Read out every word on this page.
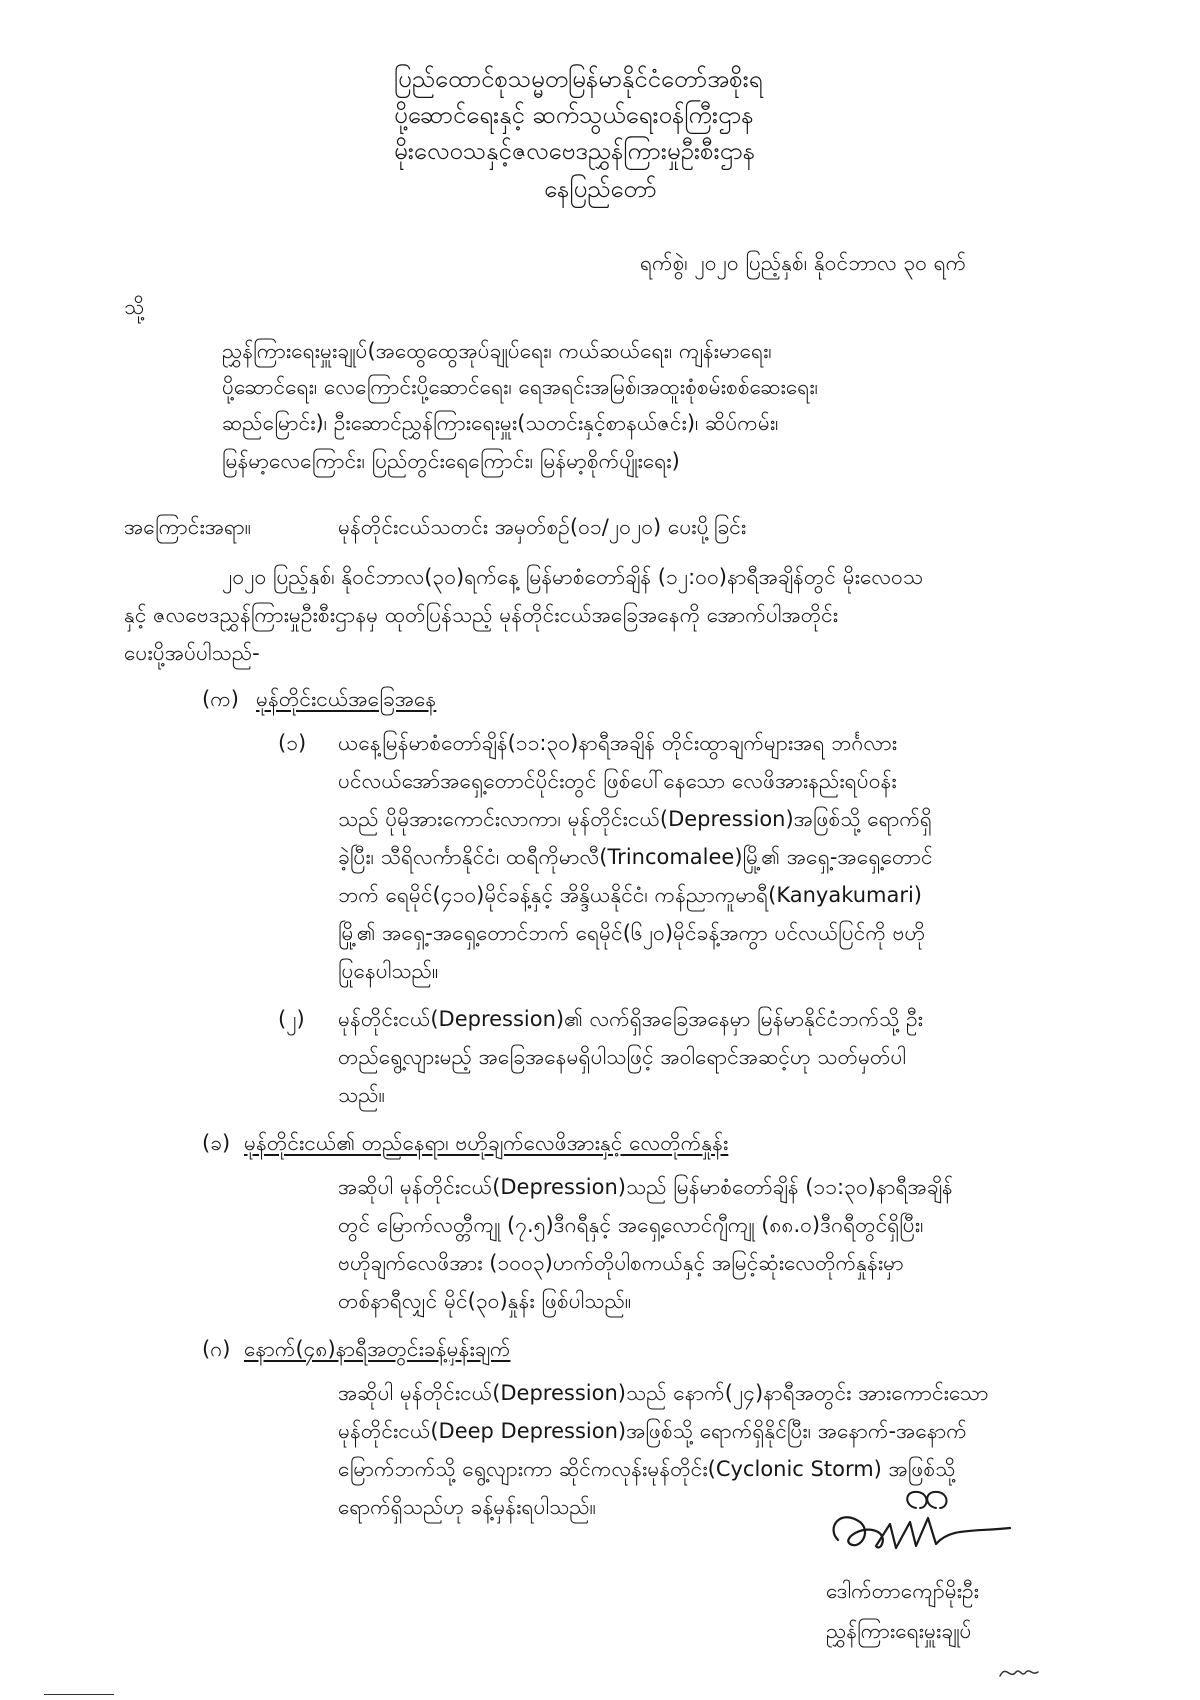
ပြည်ထောင်စုသမ္မတမြန်မာနိုင်ငံတော်အစိုးရ
ပို့ဆောင်ရေးနှင့် ဆက်သွယ်ရေးဝန်ကြီးဌာန
မိုးလေဝသနှင့်ဇလဗေဒညွှန်ကြားမှုဦးစီးဌာန
နေပြည်တော်
ရက်စွဲ၊ ၂၀၂၀ ပြည့်နှစ်၊ နိုဝင်ဘာလ ၃၀ ရက်
သို့
ညွှန်ကြားရေးမှူးချုပ်(အထွေထွေအုပ်ချုပ်ရေး၊ ကယ်ဆယ်ရေး၊ ကျန်းမာရေး၊
ပို့ဆောင်ရေး၊ လေကြောင်းပို့ဆောင်ရေး၊ ရေအရင်းအမြစ်၊အထူးစုံစမ်းစစ်ဆေးရေး၊
ဆည်မြောင်း)၊ ဦးဆောင်ညွှန်ကြားရေးမှူး(သတင်းနှင့်စာနယ်ဇင်း)၊ ဆိပ်ကမ်း၊
မြန်မာ့လေကြောင်း၊ ပြည်တွင်းရေကြောင်း၊ မြန်မာ့စိုက်ပျိုးရေး)
အကြောင်းအရာ။	မုန်တိုင်းငယ်သတင်း အမှတ်စဉ်(၀၁/၂၀၂၀) ပေးပို့ခြင်း
၂၀၂၀ ပြည့်နှစ်၊ နိုဝင်ဘာလ(၃၀)ရက်နေ့ မြန်မာစံတော်ချိန် (၁၂:၀၀)နာရီအချိန်တွင် မိုးလေဝသ
နှင့် ဇလဗေဒညွှန်ကြားမှုဦးစီးဌာနမှ ထုတ်ပြန်သည့် မုန်တိုင်းငယ်အခြေအနေကို အောက်ပါအတိုင်း
ပေးပို့အပ်ပါသည်-
(က) မုန်တိုင်းငယ်အခြေအနေ
(၁) ယနေ့မြန်မာစံတော်ချိန်(၁၁:၃၀)နာရီအချိန် တိုင်းထွာချက်များအရ ဘင်္ဂလား
ပင်လယ်အော်အရှေ့တောင်ပိုင်းတွင် ဖြစ်ပေါ်နေသော လေဖိအားနည်းရပ်ဝန်း
သည် ပိုမိုအားကောင်းလာကာ၊ မုန်တိုင်းငယ်(Depression)အဖြစ်သို့ ရောက်ရှိ
ခဲ့ပြီး၊ သီရိလင်္ကာနိုင်ငံ၊ ထရီကိုမာလီ(Trincomalee)မြို့၏ အရှေ့-အရှေ့တောင်
ဘက် ရေမိုင်(၄၁၀)မိုင်ခန့်နှင့် အိန္ဒိယနိုင်ငံ၊ ကန်ညာကူမာရီ(Kanyakumari)
မြို့၏ အရှေ့-အရှေ့တောင်ဘက် ရေမိုင်(၆၂၀)မိုင်ခန့်အကွာ ပင်လယ်ပြင်ကို ဗဟို
ပြုနေပါသည်။
(၂) မုန်တိုင်းငယ်(Depression)၏ လက်ရှိအခြေအနေမှာ မြန်မာနိုင်ငံဘက်သို့ ဦး
တည်ရွေ့လျားမည့် အခြေအနေမရှိပါသဖြင့် အဝါရောင်အဆင့်ဟု သတ်မှတ်ပါ
သည်။
(ခ) မုန်တိုင်းငယ်၏ တည်နေရာ၊ ဗဟိုချက်လေဖိအားနှင့် လေတိုက်နှုန်း
အဆိုပါ မုန်တိုင်းငယ်(Depression)သည် မြန်မာစံတော်ချိန် (၁၁:၃၀)နာရီအချိန်
တွင် မြောက်လတ္တီကျု (၇.၅)ဒီဂရီနှင့် အရှေ့လောင်ဂျီကျု (၈၈.၀)ဒီဂရီတွင်ရှိပြီး၊
ဗဟိုချက်လေဖိအား (၁၀၀၃)ဟက်တိုပါစကယ်နှင့် အမြင့်ဆုံးလေတိုက်နှုန်းမှာ
တစ်နာရီလျှင် မိုင်(၃၀)နှုန်း ဖြစ်ပါသည်။
(ဂ) နောက်(၄၈)နာရီအတွင်းခန့်မှန်းချက်
အဆိုပါ မုန်တိုင်းငယ်(Depression)သည် နောက်(၂၄)နာရီအတွင်း အားကောင်းသော
မုန်တိုင်းငယ်(Deep Depression)အဖြစ်သို့ ရောက်ရှိနိုင်ပြီး၊ အနောက်-အနောက်
မြောက်ဘက်သို့ ရွေ့လျားကာ ဆိုင်ကလုန်းမုန်တိုင်း(Cyclonic Storm) အဖြစ်သို့
ရောက်ရှိသည်ဟု ခန့်မှန်းရပါသည်။
ဒေါက်တာကျော်မိုးဦး
ညွှန်ကြားရေးမှူးချုပ်
